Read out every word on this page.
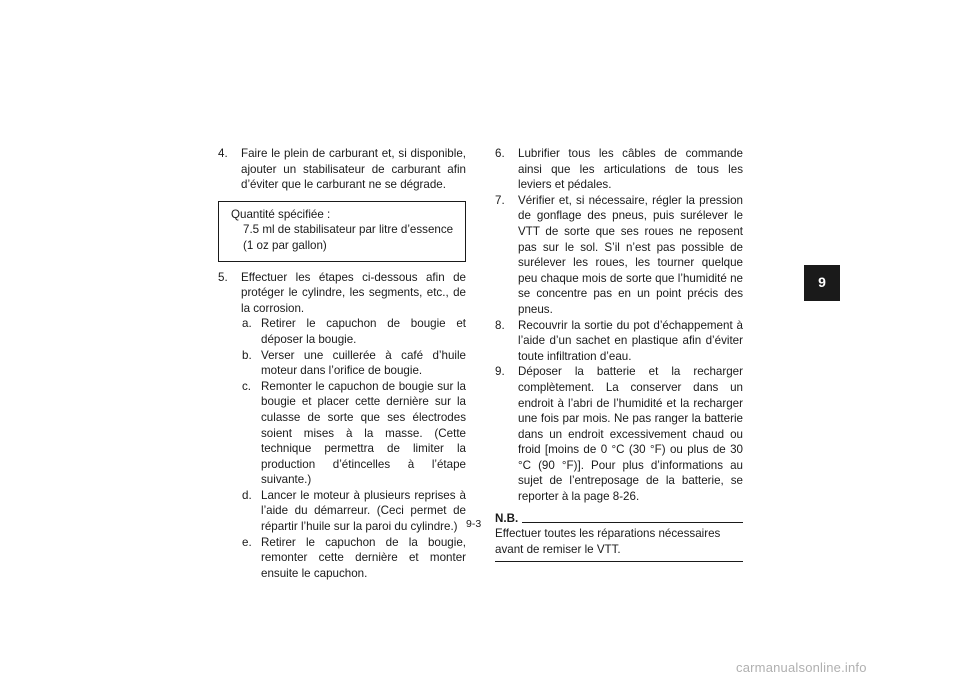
4.	Faire le plein de carburant et, si disponible, ajouter un stabilisateur de carburant afin d’éviter que le carburant ne se dégrade.
Quantité spécifiée :
7.5 ml de stabilisateur par litre d’essence (1 oz par gallon)
5.	Effectuer les étapes ci-dessous afin de protéger le cylindre, les segments, etc., de la corrosion.
a. Retirer le capuchon de bougie et déposer la bougie.
b. Verser une cuillerée à café d’huile moteur dans l’orifice de bougie.
c. Remonter le capuchon de bougie sur la bougie et placer cette dernière sur la culasse de sorte que ses électrodes soient mises à la masse. (Cette technique permettra de limiter la production d’étincelles à l’étape suivante.)
d. Lancer le moteur à plusieurs reprises à l’aide du démarreur. (Ceci permet de répartir l’huile sur la paroi du cylindre.)
e. Retirer le capuchon de la bougie, remonter cette dernière et monter ensuite le capuchon.
6.	Lubrifier tous les câbles de commande ainsi que les articulations de tous les leviers et pédales.
7.	Vérifier et, si nécessaire, régler la pression de gonflage des pneus, puis surélever le VTT de sorte que ses roues ne reposent pas sur le sol. S’il n’est pas possible de surélever les roues, les tourner quelque peu chaque mois de sorte que l’humidité ne se concentre pas en un point précis des pneus.
8.	Recouvrir la sortie du pot d’échappement à l’aide d’un sachet en plastique afin d’éviter toute infiltration d’eau.
9.	Déposer la batterie et la recharger complètement. La conserver dans un endroit à l’abri de l’humidité et la recharger une fois par mois. Ne pas ranger la batterie dans un endroit excessivement chaud ou froid [moins de 0 °C (30 °F) ou plus de 30 °C (90 °F)]. Pour plus d’informations au sujet de l’entreposage de la batterie, se reporter à la page 8-26.
N.B.
Effectuer toutes les réparations nécessaires avant de remiser le VTT.
9-3
9
carmanualsonline.info
